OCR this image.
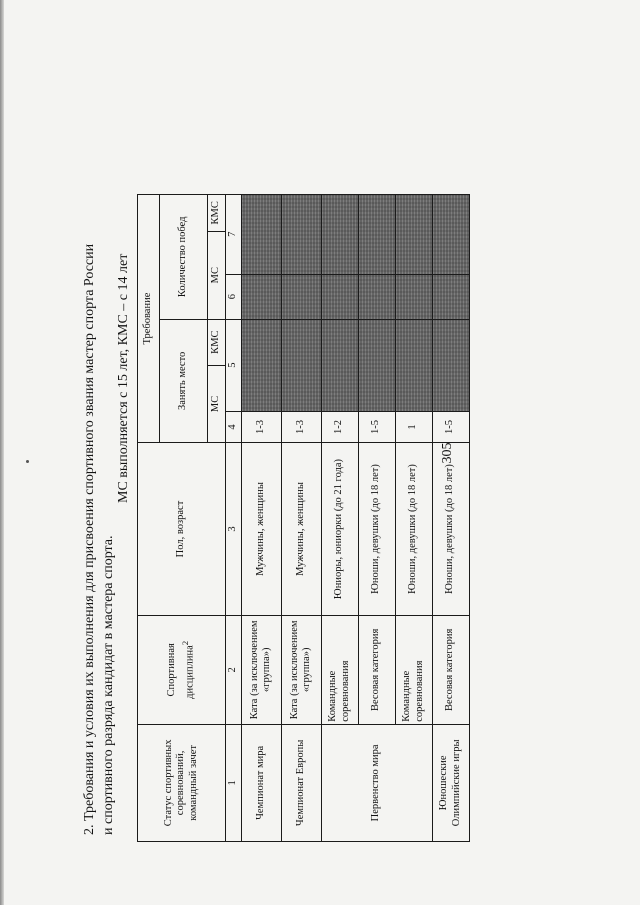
305

2. Требования и условия их выполнения для присвоения спортивного звания мастер спорта России и спортивного разряда кандидат в мастера спорта.

МС выполняется с 15 лет, КМС – с 14 лет
Статус спортивных соревнований, командный зачет	Спортивная дисциплина$^2$	Пол, возраст	Требование					
			Занять место			Количество побед		
			МС		КМС	МС		КМС
1	2	3	4	5		6	7	
Чемпионат мира	Ката (за исключением «группа»)	Мужчины, женщины	1-3					
Чемпионат Европы	Ката (за исключением «группа»)	Мужчины, женщины	1-3					
Первенство мира	Командные соревнования	Юниоры, юниорки (до 21 года)	1-2					
	Весовая категория	Юноши, девушки (до 18 лет)	1-5					
	Командные соревнования	Юноши, девушки (до 18 лет)	1					
Юношеские Олимпийские игры	Весовая категория	Юноши, девушки (до 18 лет)	1-5					
